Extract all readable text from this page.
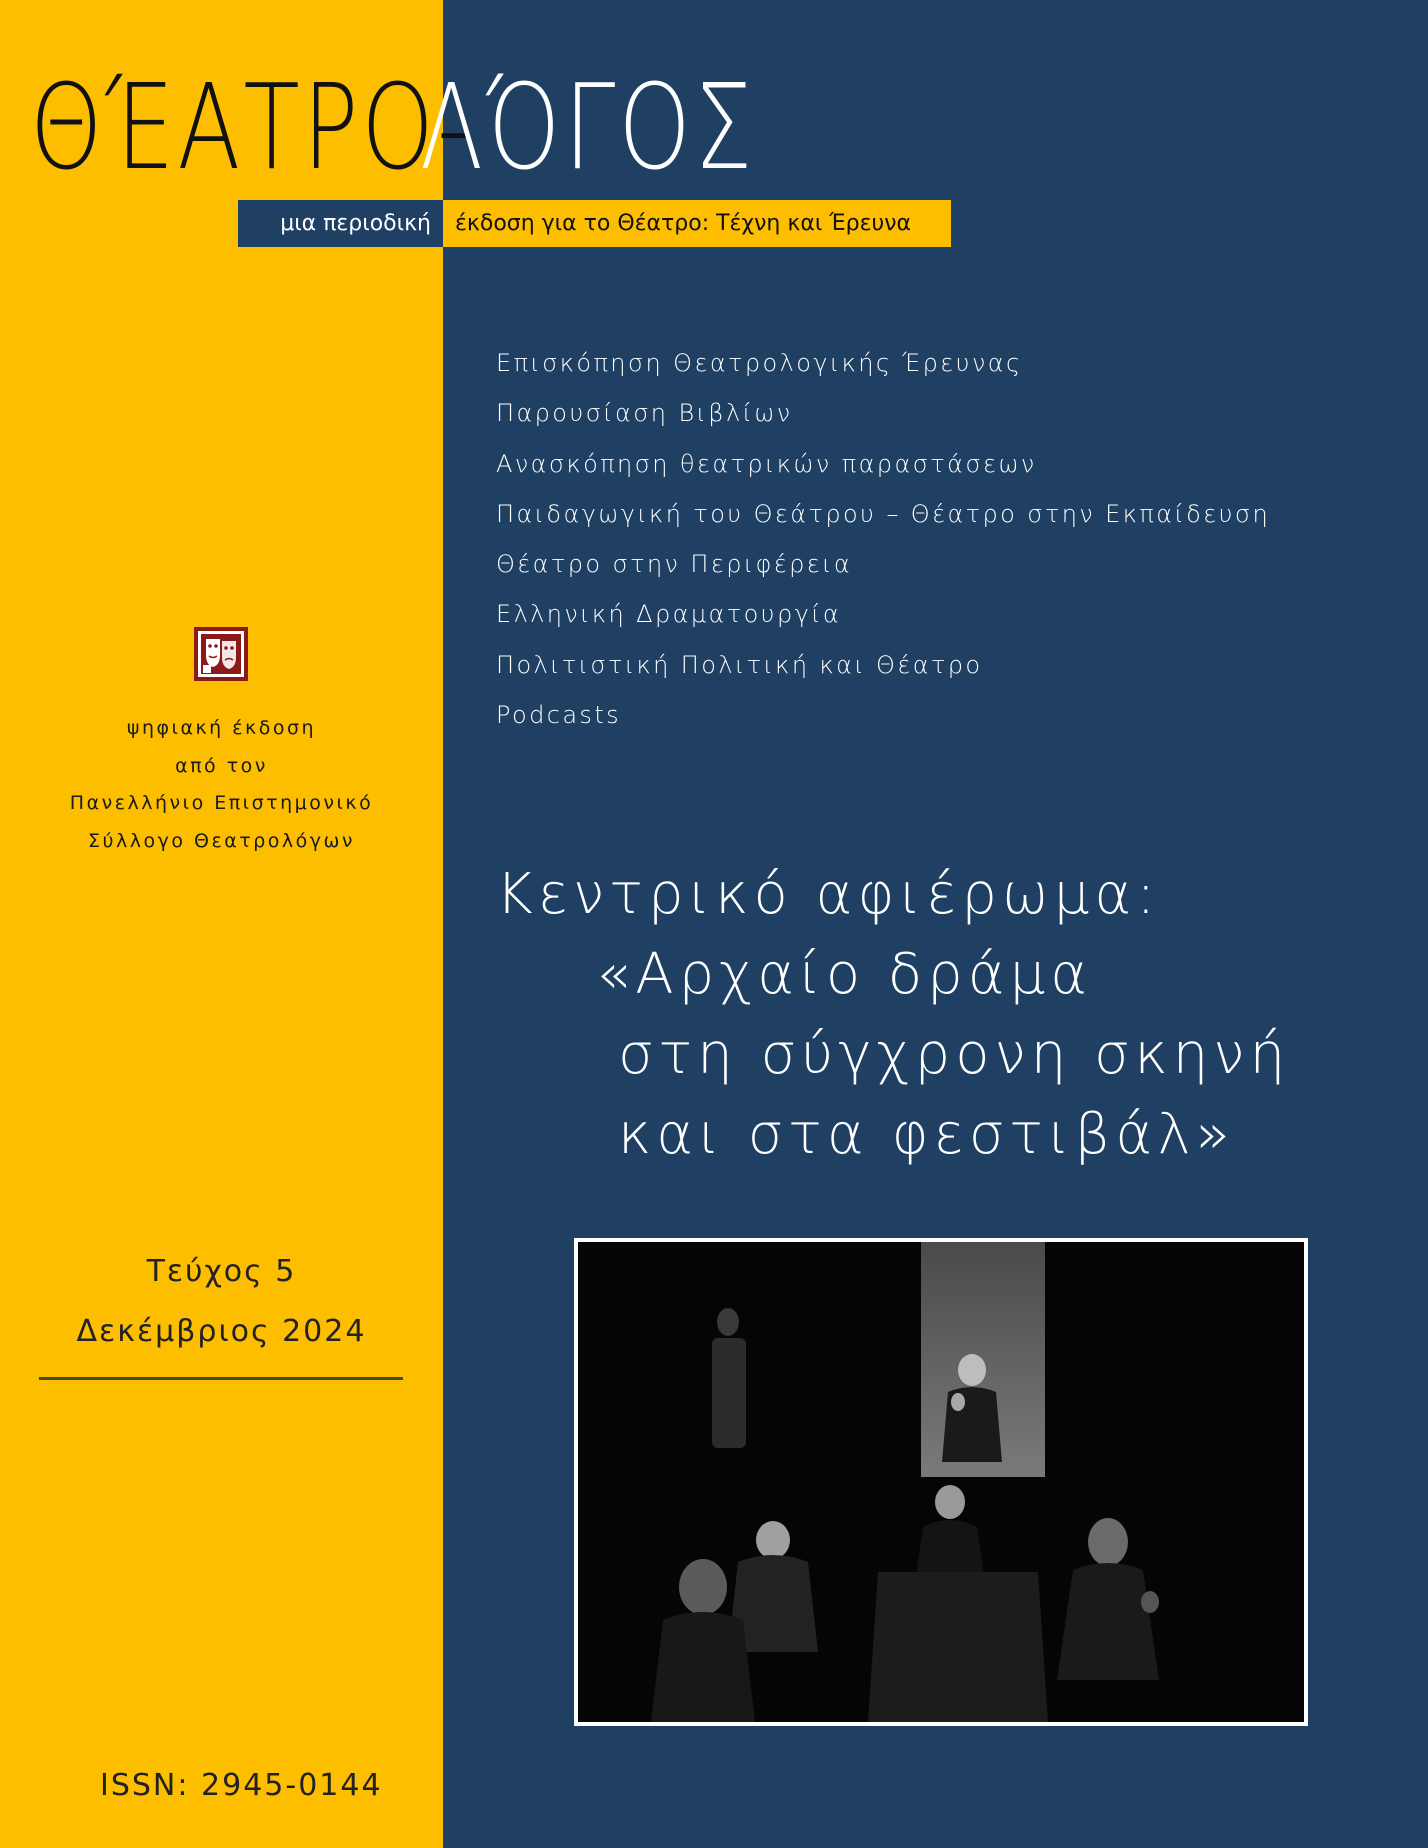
ΘΈΑΤΡΟ-
ΛΌΓΟΣ
μια περιοδική	έκδοση για το Θέατρο: Τέχνη και Έρευνα
Επισκόπηση Θεατρολογικής Έρευνας
Παρουσίαση Βιβλίων
Ανασκόπηση θεατρικών παραστάσεων
Παιδαγωγική του Θεάτρου – Θέατρο στην Εκπαίδευση
Θέατρο στην Περιφέρεια
Ελληνική Δραματουργία
Πολιτιστική Πολιτική και Θέατρο
Podcasts
ψηφιακή έκδοση
από τον
Πανελλήνιο Επιστημονικό
Σύλλογο Θεατρολόγων
Κεντρικό αφιέρωμα:
«Αρχαίο δράμα
στη σύγχρονη σκηνή
και στα φεστιβάλ»
Τεύχος 5
Δεκέμβριος 2024
ISSN: 2945-0144
